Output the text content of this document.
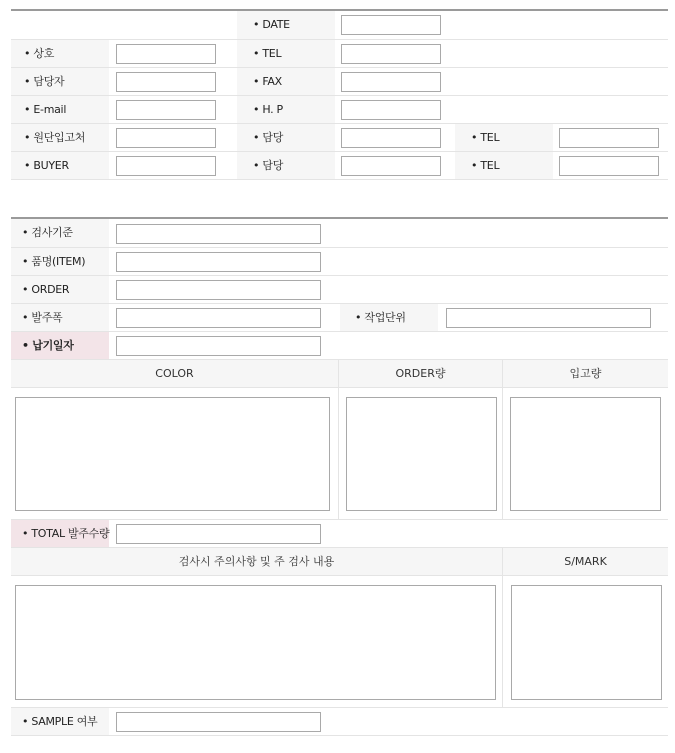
• DATE
• 상호	• TEL
• 담당자	• FAX
• E-mail	• H. P
• 원단입고처	• 담당	• TEL
• BUYER	• 담당	• TEL
• 검사기준
• 품명(ITEM)
• ORDER
• 발주폭	• 작업단위
• 납기일자
COLOR	ORDER량	입고량
• TOTAL 발주수량
검사시 주의사항 및 주 검사 내용	S/MARK
• SAMPLE 여부
